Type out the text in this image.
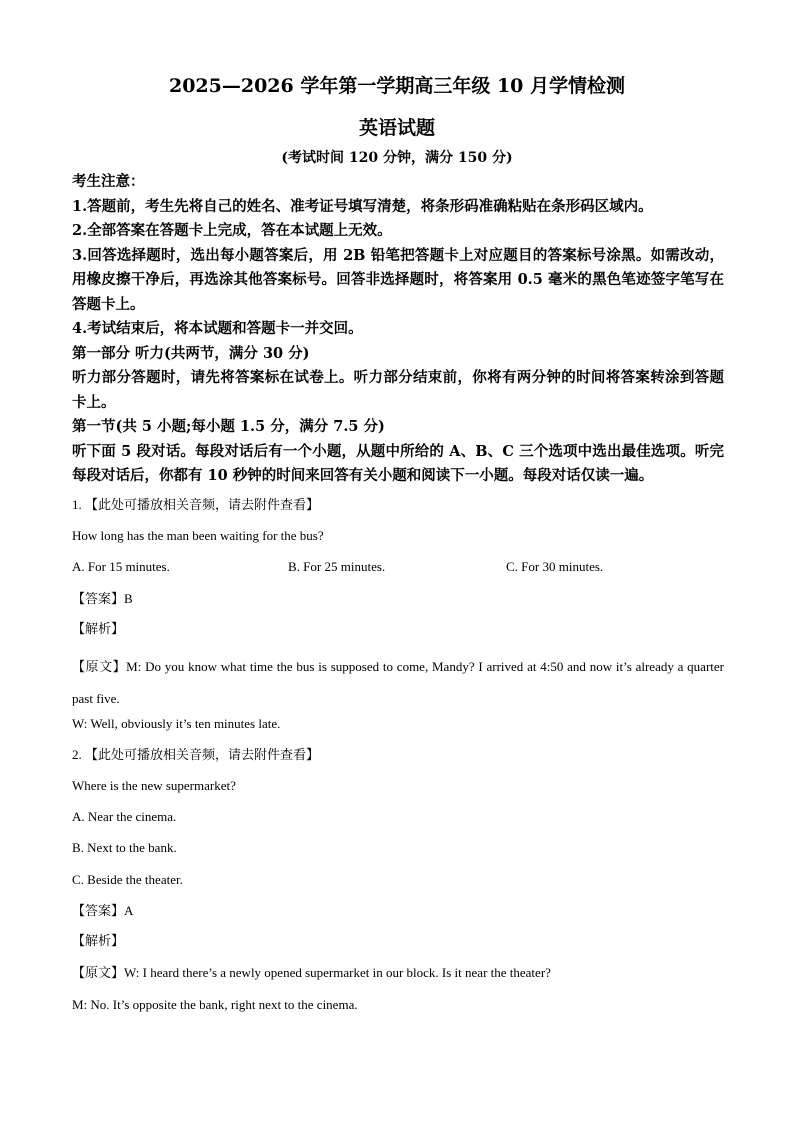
2025—2026 学年第一学期高三年级 10 月学情检测
英语试题
(考试时间 120 分钟，满分 150 分)

考生注意：

1.答题前，考生先将自己的姓名、准考证号填写清楚，将条形码准确粘贴在条形码区域内。

2.全部答案在答题卡上完成，答在本试题上无效。

3.回答选择题时，选出每小题答案后，用 2B 铅笔把答题卡上对应题目的答案标号涂黑。如需改动，用橡皮擦干净后，再选涂其他答案标号。回答非选择题时，将答案用 0.5 毫米的黑色笔迹签字笔写在答题卡上。

4.考试结束后，将本试题和答题卡一并交回。

第一部分 听力(共两节，满分 30 分)

听力部分答题时，请先将答案标在试卷上。听力部分结束前，你将有两分钟的时间将答案转涂到答题卡上。

第一节(共 5 小题;每小题 1.5 分，满分 7.5 分)

听下面 5 段对话。每段对话后有一个小题，从题中所给的 A、B、C 三个选项中选出最佳选项。听完每段对话后，你都有 10 秒钟的时间来回答有关小题和阅读下一小题。每段对话仅读一遍。

1. 【此处可播放相关音频，请去附件查看】
How long has the man been waiting for the bus?
A. For 15 minutes.	B. For 25 minutes.	C. For 30 minutes.
【答案】B
【解析】
【原文】M: Do you know what time the bus is supposed to come, Mandy? I arrived at 4:50 and now it’s already a quarter past five.
W: Well, obviously it’s ten minutes late.
2. 【此处可播放相关音频，请去附件查看】
Where is the new supermarket?
A. Near the cinema.
B. Next to the bank.
C. Beside the theater.
【答案】A
【解析】
【原文】W: I heard there’s a newly opened supermarket in our block. Is it near the theater?
M: No. It’s opposite the bank, right next to the cinema.
